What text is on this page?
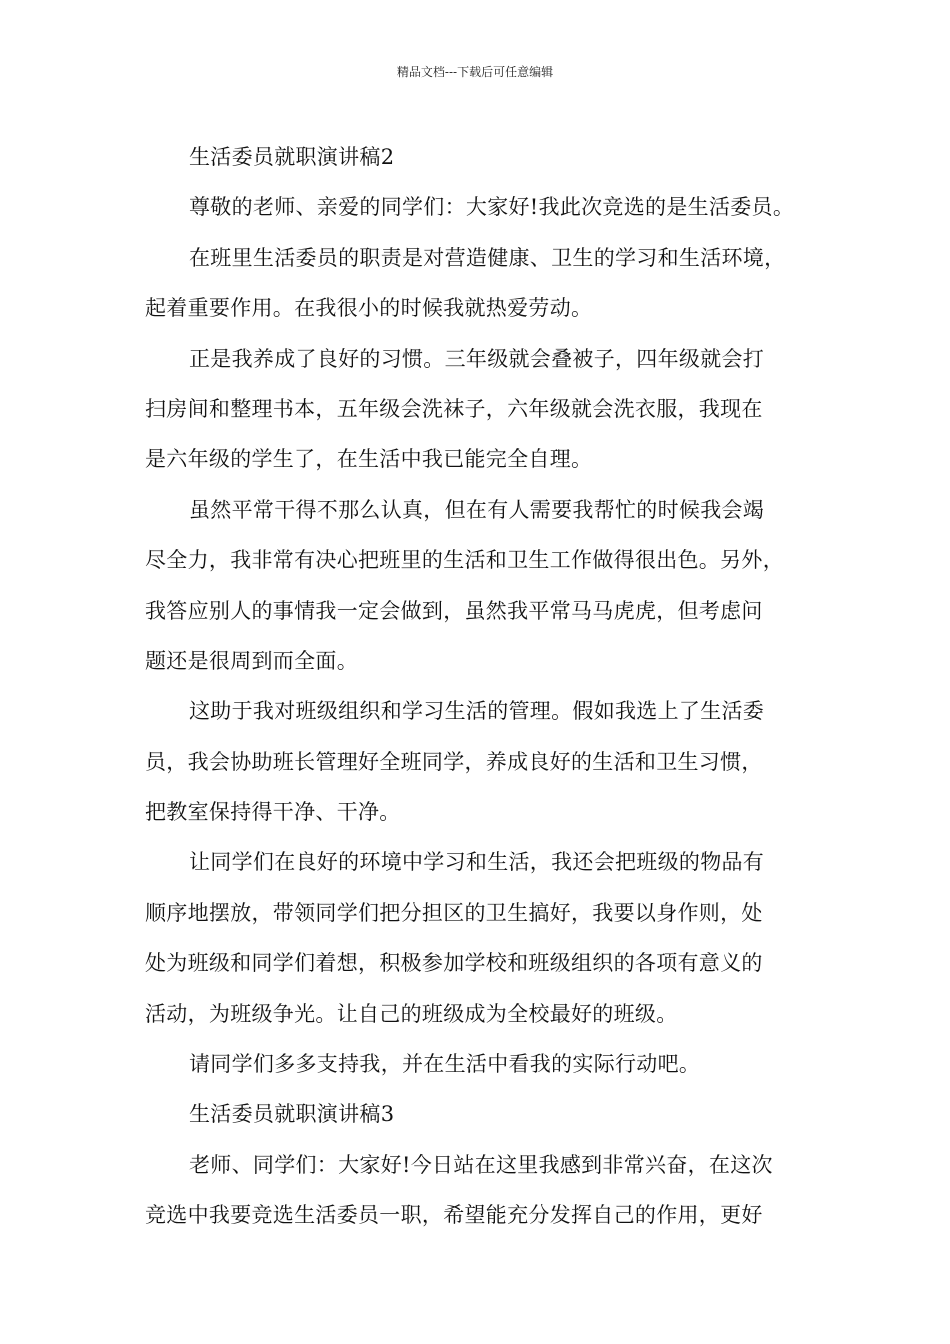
精品文档---下载后可任意编辑
生活委员就职演讲稿2
尊敬的老师、亲爱的同学们：大家好!我此次竞选的是生活委员。
在班里生活委员的职责是对营造健康、卫生的学习和生活环境，
起着重要作用。在我很小的时候我就热爱劳动。
正是我养成了良好的习惯。三年级就会叠被子，四年级就会打
扫房间和整理书本，五年级会洗袜子，六年级就会洗衣服，我现在
是六年级的学生了，在生活中我已能完全自理。
虽然平常干得不那么认真，但在有人需要我帮忙的时候我会竭
尽全力，我非常有决心把班里的生活和卫生工作做得很出色。另外，
我答应别人的事情我一定会做到，虽然我平常马马虎虎，但考虑问
题还是很周到而全面。
这助于我对班级组织和学习生活的管理。假如我选上了生活委
员，我会协助班长管理好全班同学，养成良好的生活和卫生习惯，
把教室保持得干净、干净。
让同学们在良好的环境中学习和生活，我还会把班级的物品有
顺序地摆放，带领同学们把分担区的卫生搞好，我要以身作则，处
处为班级和同学们着想，积极参加学校和班级组织的各项有意义的
活动，为班级争光。让自己的班级成为全校最好的班级。
请同学们多多支持我，并在生活中看我的实际行动吧。
生活委员就职演讲稿3
老师、同学们：大家好!今日站在这里我感到非常兴奋，在这次
竞选中我要竞选生活委员一职，希望能充分发挥自己的作用，更好
